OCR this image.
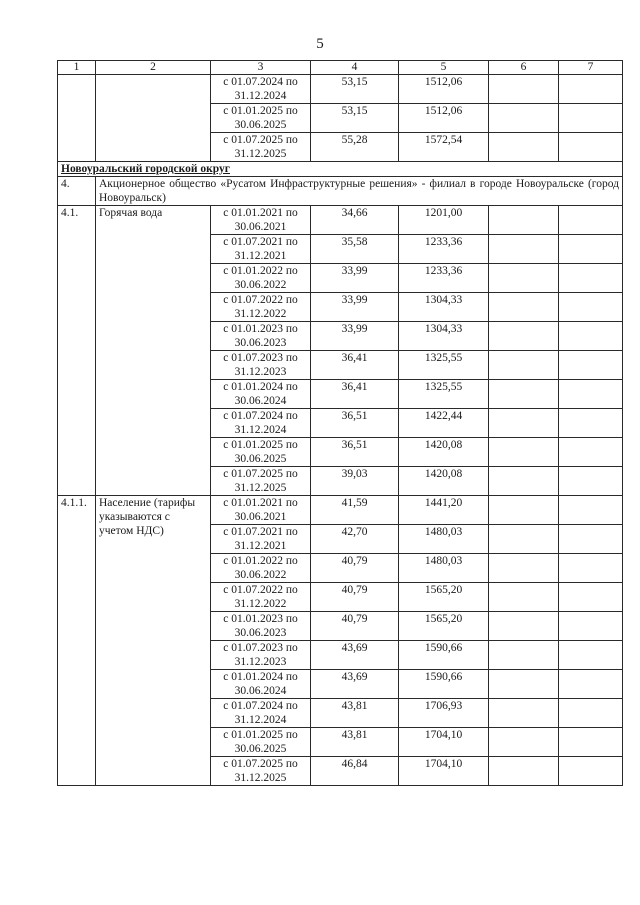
5
1	2	3	4	5	6	7
		с 01.07.2024 по 31.12.2024	53,15	1512,06		
		с 01.01.2025 по 30.06.2025	53,15	1512,06		
		с 01.07.2025 по 31.12.2025	55,28	1572,54		
Новоуральский городской округ						
4.	Акционерное общество «Русатом Инфраструктурные решения» - филиал в городе Новоуральске (город Новоуральск)					
4.1.	Горячая вода	с 01.01.2021 по 30.06.2021	34,66	1201,00		
		с 01.07.2021 по 31.12.2021	35,58	1233,36		
		с 01.01.2022 по 30.06.2022	33,99	1233,36		
		с 01.07.2022 по 31.12.2022	33,99	1304,33		
		с 01.01.2023 по 30.06.2023	33,99	1304,33		
		с 01.07.2023 по 31.12.2023	36,41	1325,55		
		с 01.01.2024 по 30.06.2024	36,41	1325,55		
		с 01.07.2024 по 31.12.2024	36,51	1422,44		
		с 01.01.2025 по 30.06.2025	36,51	1420,08		
		с 01.07.2025 по 31.12.2025	39,03	1420,08		
4.1.1.	Население (тарифы указываются с учетом НДС)	с 01.01.2021 по 30.06.2021	41,59	1441,20		
		с 01.07.2021 по 31.12.2021	42,70	1480,03		
		с 01.01.2022 по 30.06.2022	40,79	1480,03		
		с 01.07.2022 по 31.12.2022	40,79	1565,20		
		с 01.01.2023 по 30.06.2023	40,79	1565,20		
		с 01.07.2023 по 31.12.2023	43,69	1590,66		
		с 01.01.2024 по 30.06.2024	43,69	1590,66		
		с 01.07.2024 по 31.12.2024	43,81	1706,93		
		с 01.01.2025 по 30.06.2025	43,81	1704,10		
		с 01.07.2025 по 31.12.2025	46,84	1704,10		
